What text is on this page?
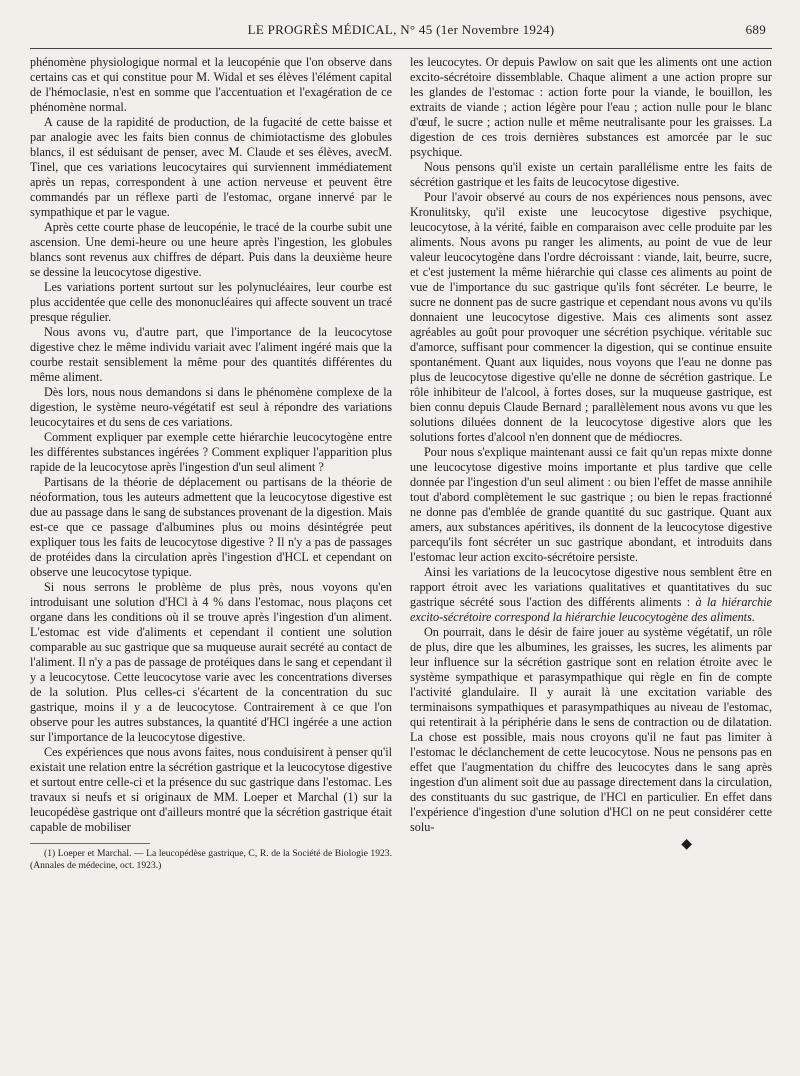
LE PROGRÈS MÉDICAL, N° 45 (1er Novembre 1924)	689

phénomène physiologique normal et la leucopénie que l'on observe dans certains cas et qui constitue pour M. Widal et ses élèves l'élément capital de l'hémoclasie, n'est en somme que l'accentuation et l'exagération de ce phénomène normal.

A cause de la rapidité de production, de la fugacité de cette baisse et par analogie avec les faits bien connus de chimiotactisme des globules blancs, il est séduisant de penser, avec M. Claude et ses élèves, avecM. Tinel, que ces variations leucocytaires qui surviennent immédiatement après un repas, correspondent à une action nerveuse et peuvent être commandés par un réflexe parti de l'estomac, organe innervé par le sympathique et par le vague.

Après cette courte phase de leucopénie, le tracé de la courbe subit une ascension. Une demi-heure ou une heure après l'ingestion, les globules blancs sont revenus aux chiffres de départ. Puis dans la deuxième heure se dessine la leucocytose digestive.

Les variations portent surtout sur les polynucléaires, leur courbe est plus accidentée que celle des mononucléaires qui affecte souvent un tracé presque régulier.

Nous avons vu, d'autre part, que l'importance de la leucocytose digestive chez le même individu variait avec l'aliment ingéré mais que la courbe restait sensiblement la même pour des quantités différentes du même aliment.

Dès lors, nous nous demandons si dans le phénomène complexe de la digestion, le système neuro-végétatif est seul à répondre des variations leucocytaires et du sens de ces variations.

Comment expliquer par exemple cette hiérarchie leucocytogène entre les différentes substances ingérées ? Comment expliquer l'apparition plus rapide de la leucocytose après l'ingestion d'un seul aliment ?

Partisans de la théorie de déplacement ou partisans de la théorie de néoformation, tous les auteurs admettent que la leucocytose digestive est due au passage dans le sang de substances provenant de la digestion. Mais est-ce que ce passage d'albumines plus ou moins désintégrée peut expliquer tous les faits de leucocytose digestive ? Il n'y a pas de passages de protéides dans la circulation après l'ingestion d'HCL et cependant on observe une leucocytose typique.

Si nous serrons le problème de plus près, nous voyons qu'en introduisant une solution d'HCl à 4 % dans l'estomac, nous plaçons cet organe dans les conditions où il se trouve après l'ingestion d'un aliment. L'estomac est vide d'aliments et cependant il contient une solution comparable au suc gastrique que sa muqueuse aurait secrété au contact de l'aliment. Il n'y a pas de passage de protéiques dans le sang et cependant il y a leucocytose. Cette leucocytose varie avec les concentrations diverses de la solution. Plus celles-ci s'écartent de la concentration du suc gastrique, moins il y a de leucocytose. Contrairement à ce que l'on observe pour les autres substances, la quantité d'HCl ingérée a une action sur l'importance de la leucocytose digestive.

Ces expériences que nous avons faites, nous conduisirent à penser qu'il existait une relation entre la sécrétion gastrique et la leucocytose digestive et surtout entre celle-ci et la présence du suc gastrique dans l'estomac. Les travaux si neufs et si originaux de MM. Loeper et Marchal (1) sur la leucopédèse gastrique ont d'ailleurs montré que la sécrétion gastrique était capable de mobiliser

(1) Loeper et Marchal. — La leucopédèse gastrique, C, R. de la Société de Biologie 1923. (Annales de médecine, oct. 1923.)

les leucocytes. Or depuis Pawlow on sait que les aliments ont une action excito-sécrétoire dissemblable. Chaque aliment a une action propre sur les glandes de l'estomac : action forte pour la viande, le bouillon, les extraits de viande ; action légère pour l'eau ; action nulle pour le blanc d'œuf, le sucre ; action nulle et même neutralisante pour les graisses. La digestion de ces trois dernières substances est amorcée par le suc psychique.

Nous pensons qu'il existe un certain parallélisme entre les faits de sécrétion gastrique et les faits de leucocytose digestive.

Pour l'avoir observé au cours de nos expériences nous pensons, avec Kronulitsky, qu'il existe une leucocytose digestive psychique, leucocytose, à la vérité, faible en comparaison avec celle produite par les aliments. Nous avons pu ranger les aliments, au point de vue de leur valeur leucocytogène dans l'ordre décroissant : viande, lait, beurre, sucre, et c'est justement la même hiérarchie qui classe ces aliments au point de vue de l'importance du suc gastrique qu'ils font sécréter. Le beurre, le sucre ne donnent pas de sucre gastrique et cependant nous avons vu qu'ils donnaient une leucocytose digestive. Mais ces aliments sont assez agréables au goût pour provoquer une sécrétion psychique. véritable suc d'amorce, suffisant pour commencer la digestion, qui se continue ensuite spontanément. Quant aux liquides, nous voyons que l'eau ne donne pas plus de leucocytose digestive qu'elle ne donne de sécrétion gastrique. Le rôle inhibiteur de l'alcool, à fortes doses, sur la muqueuse gastrique, est bien connu depuis Claude Bernard ; parallèlement nous avons vu que les solutions diluées donnent de la leucocytose digestive alors que les solutions fortes d'alcool n'en donnent que de médiocres.

Pour nous s'explique maintenant aussi ce fait qu'un repas mixte donne une leucocytose digestive moins importante et plus tardive que celle donnée par l'ingestion d'un seul aliment : ou bien l'effet de masse annihile tout d'abord complètement le suc gastrique ; ou bien le repas fractionné ne donne pas d'emblée de grande quantité du suc gastrique. Quant aux amers, aux substances apéritives, ils donnent de la leucocytose digestive parcequ'ils font sécréter un suc gastrique abondant, et introduits dans l'estomac leur action excito-sécrétoire persiste.

Ainsi les variations de la leucocytose digestive nous semblent être en rapport étroit avec les variations qualitatives et quantitatives du suc gastrique sécrété sous l'action des différents aliments : à la hiérarchie excito-sécrétoire correspond la hiérarchie leucocytogène des aliments.

On pourrait, dans le désir de faire jouer au système végétatif, un rôle de plus, dire que les albumines, les graisses, les sucres, les aliments par leur influence sur la sécrétion gastrique sont en relation étroite avec le système sympathique et parasympathique qui règle en fin de compte l'activité glandulaire. Il y aurait là une excitation variable des terminaisons sympathiques et parasympathiques au niveau de l'estomac, qui retentirait à la périphérie dans le sens de contraction ou de dilatation. La chose est possible, mais nous croyons qu'il ne faut pas limiter à l'estomac le déclanchement de cette leucocytose. Nous ne pensons pas en effet que l'augmentation du chiffre des leucocytes dans le sang après ingestion d'un aliment soit due au passage directement dans la circulation, des constituants du suc gastrique, de l'HCl en particulier. En effet dans l'expérience d'ingestion d'une solution d'HCl on ne peut considérer cette solu-

◆
